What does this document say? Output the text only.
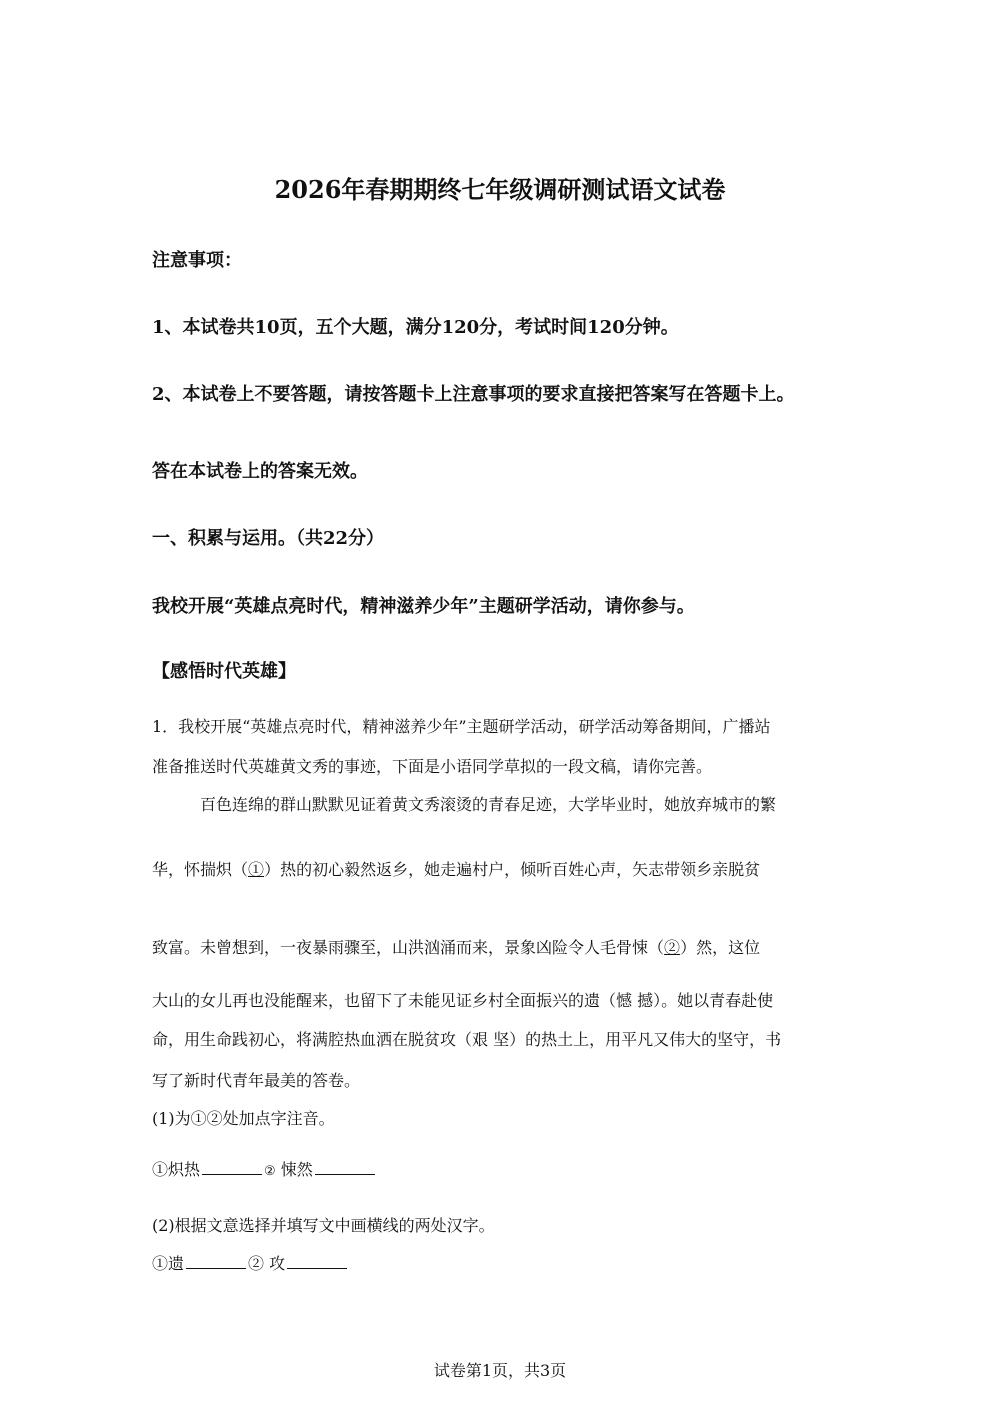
2026年春期期终七年级调研测试语文试卷
注意事项：
1、本试卷共10页，五个大题，满分120分，考试时间120分钟。
2、本试卷上不要答题，请按答题卡上注意事项的要求直接把答案写在答题卡上。
答在本试卷上的答案无效。
一、积累与运用。（共22分）
我校开展“英雄点亮时代，精神滋养少年”主题研学活动，请你参与。
【感悟时代英雄】
1．我校开展“英雄点亮时代，精神滋养少年”主题研学活动，研学活动筹备期间，广播站
准备推送时代英雄黄文秀的事迹，下面是小语同学草拟的一段文稿，请你完善。
百色连绵的群山默默见证着黄文秀滚烫的青春足迹，大学毕业时，她放弃城市的繁
华，怀揣炽（①）热的初心毅然返乡，她走遍村户，倾听百姓心声，矢志带领乡亲脱贫
致富。未曾想到，一夜暴雨骤至，山洪汹涌而来，景象凶险令人毛骨悚（②）然，这位
大山的女儿再也没能醒来，也留下了未能见证乡村全面振兴的遗（憾 撼）。她以青春赴使
命，用生命践初心，将满腔热血洒在脱贫攻（艰 坚）的热土上，用平凡又伟大的坚守，书
写了新时代青年最美的答卷。
(1)为①②处加点字注音。
①炽热	② 悚然
(2)根据文意选择并填写文中画横线的两处汉字。
①遗	② 攻
试卷第1页，共3页
